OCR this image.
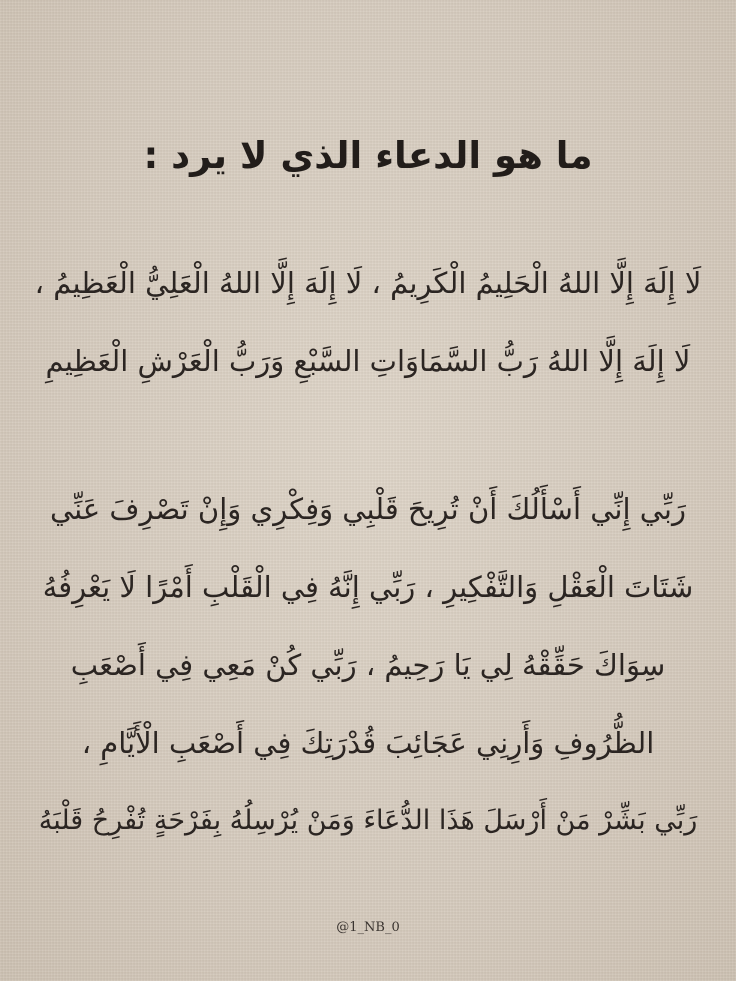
ما هو الدعاء الذي لا يرد :
لَا إِلَهَ إِلَّا اللهُ الْحَلِيمُ الْكَرِيمُ ، لَا إِلَهَ إِلَّا اللهُ الْعَلِيُّ الْعَظِيمُ ،
لَا إِلَهَ إِلَّا اللهُ رَبُّ السَّمَاوَاتِ السَّبْعِ وَرَبُّ الْعَرْشِ الْعَظِيمِ
رَبِّي إِنِّي أَسْأَلُكَ أَنْ تُرِيحَ قَلْبِي وَفِكْرِي وَإِنْ تَصْرِفَ عَنِّي
شَتَاتَ الْعَقْلِ وَالتَّفْكِيرِ ، رَبِّي إِنَّهُ فِي الْقَلْبِ أَمْرًا لَا يَعْرِفُهُ
سِوَاكَ حَقِّقْهُ لِي يَا رَحِيمُ ، رَبِّي كُنْ مَعِي فِي أَصْعَبِ
الظُّرُوفِ وَأَرِنِي عَجَائِبَ قُدْرَتِكَ فِي أَصْعَبِ الْأَيَّامِ ،
رَبِّي بَشِّرْ مَنْ أَرْسَلَ هَذَا الدُّعَاءَ وَمَنْ يُرْسِلُهُ بِفَرْحَةٍ تُفْرِحُ قَلْبَهُ
@1_NB_0
